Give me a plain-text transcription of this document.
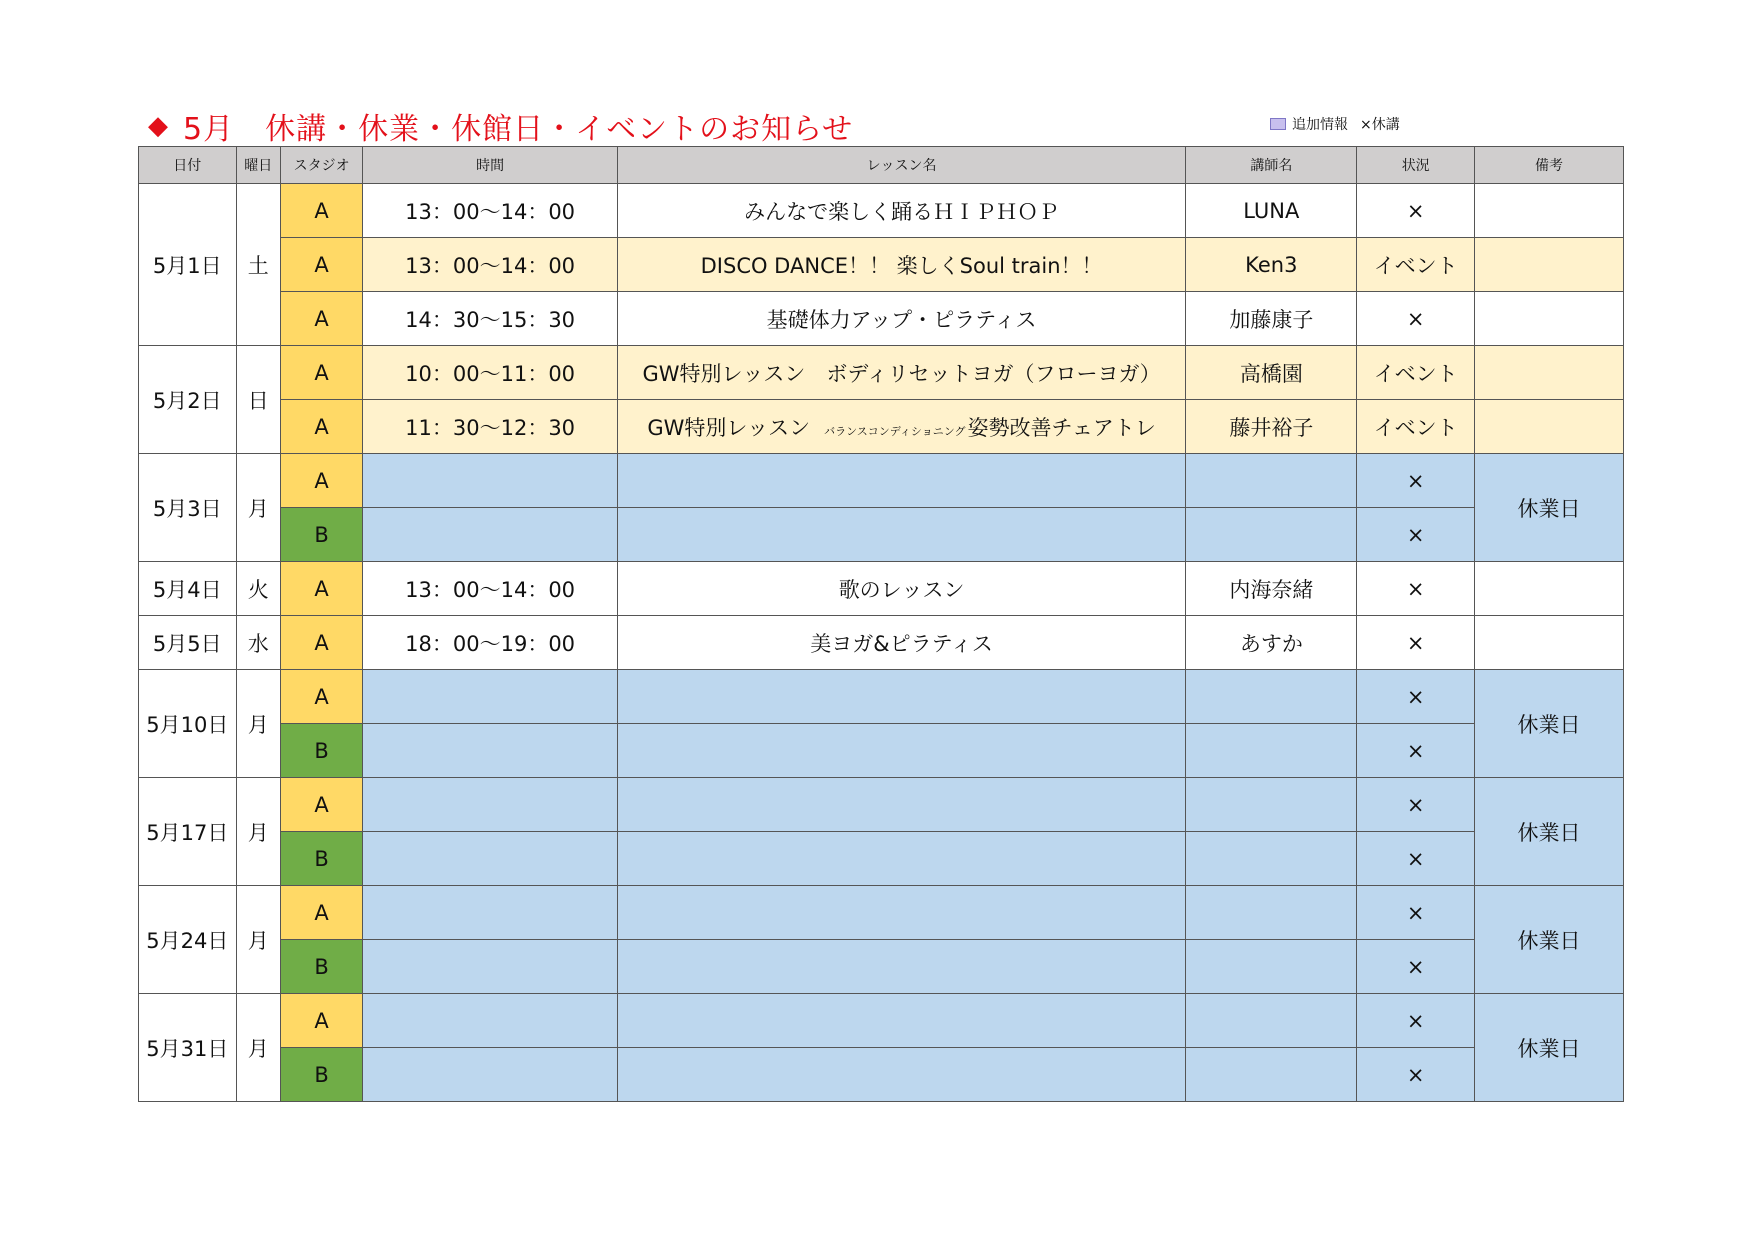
◆ 5月　休講・休業・休館日・イベントのお知らせ	追加情報 ×休講
日付	曜日	スタジオ	時間	レッスン名	講師名	状況	備考
5月1日	土	A	13：00〜14：00	みんなで楽しく踊るＨＩＰＨＯＰ	LUNA	×	
		A	13：00〜14：00	DISCO DANCE！！ 楽しくSoul train！！	Ken3	イベント	
		A	14：30〜15：30	基礎体力アップ・ピラティス	加藤康子	×	
5月2日	日	A	10：00〜11：00	GW特別レッスン　ボディリセットヨガ（フローヨガ）	高橋園	イベント	
		A	11：30〜12：30	GW特別レッスン バランスコンディショニング姿勢改善チェアトレ	藤井裕子	イベント	
5月3日	月	A				×	休業日
		B				×	
5月4日	火	A	13：00〜14：00	歌のレッスン	内海奈緒	×	
5月5日	水	A	18：00〜19：00	美ヨガ&ピラティス	あすか	×	
5月10日	月	A				×	休業日
		B				×	
5月17日	月	A				×	休業日
		B				×	
5月24日	月	A				×	休業日
		B				×	
5月31日	月	A				×	休業日
		B				×	
